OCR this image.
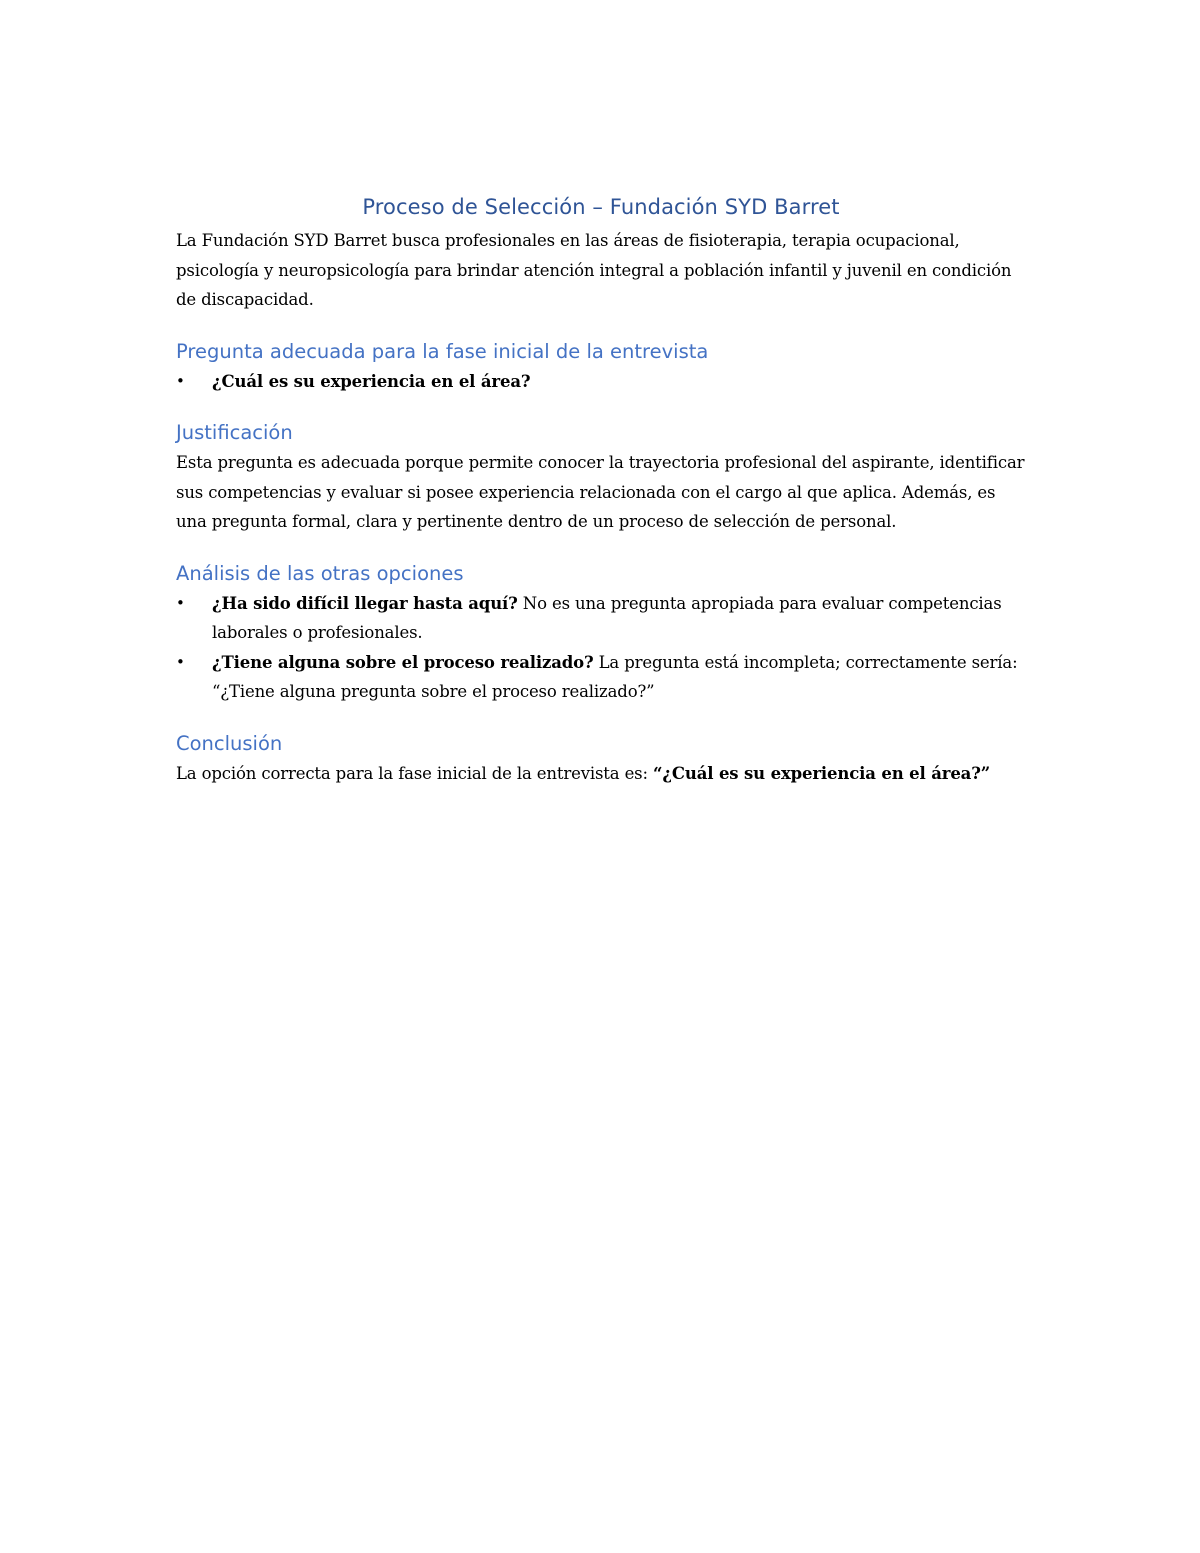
Proceso de Selección – Fundación SYD Barret

La Fundación SYD Barret busca profesionales en las áreas de fisioterapia, terapia ocupacional, psicología y neuropsicología para brindar atención integral a población infantil y juvenil en condición de discapacidad.

Pregunta adecuada para la fase inicial de la entrevista
•	¿Cuál es su experiencia en el área?
Justificación

Esta pregunta es adecuada porque permite conocer la trayectoria profesional del aspirante, identificar sus competencias y evaluar si posee experiencia relacionada con el cargo al que aplica. Además, es una pregunta formal, clara y pertinente dentro de un proceso de selección de personal.

Análisis de las otras opciones
•	¿Ha sido difícil llegar hasta aquí? No es una pregunta apropiada para evaluar competencias laborales o profesionales.
•	¿Tiene alguna sobre el proceso realizado? La pregunta está incompleta; correctamente sería: “¿Tiene alguna pregunta sobre el proceso realizado?”
Conclusión

La opción correcta para la fase inicial de la entrevista es: “¿Cuál es su experiencia en el área?”
